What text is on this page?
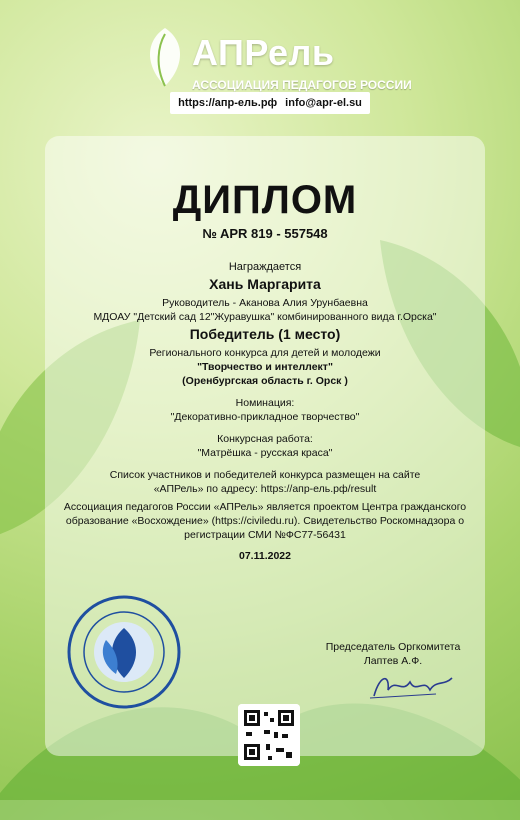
АПРель
АССОЦИАЦИЯ ПЕДАГОГОВ РОССИИ
https://апр-ель.рф info@apr-el.su
ДИПЛОМ
№ APR 819 - 557548
Награждается
Хань Маргарита
Руководитель - Аканова Алия Урунбаевна
МДОАУ "Детский сад 12"Журавушка" комбинированного вида г.Орска"
Победитель (1 место)
Регионального конкурса для детей и молодежи
"Творчество и интеллект"
(Оренбургская область г. Орск )
Номинация:
"Декоративно-прикладное творчество"
Конкурсная работа:
"Матрёшка - русская краса"
Список участников и победителей конкурса размещен на сайте
«АПРель» по адресу: https://апр-ель.рф/result
Ассоциация педагогов России «АПРель» является проектом Центра гражданского
образование «Восхождение» (https://civiledu.ru). Свидетельство Роскомнадзора о
регистрации СМИ №ФС77-56431
07.11.2022
Председатель Оргкомитета
Лаптев А.Ф.
